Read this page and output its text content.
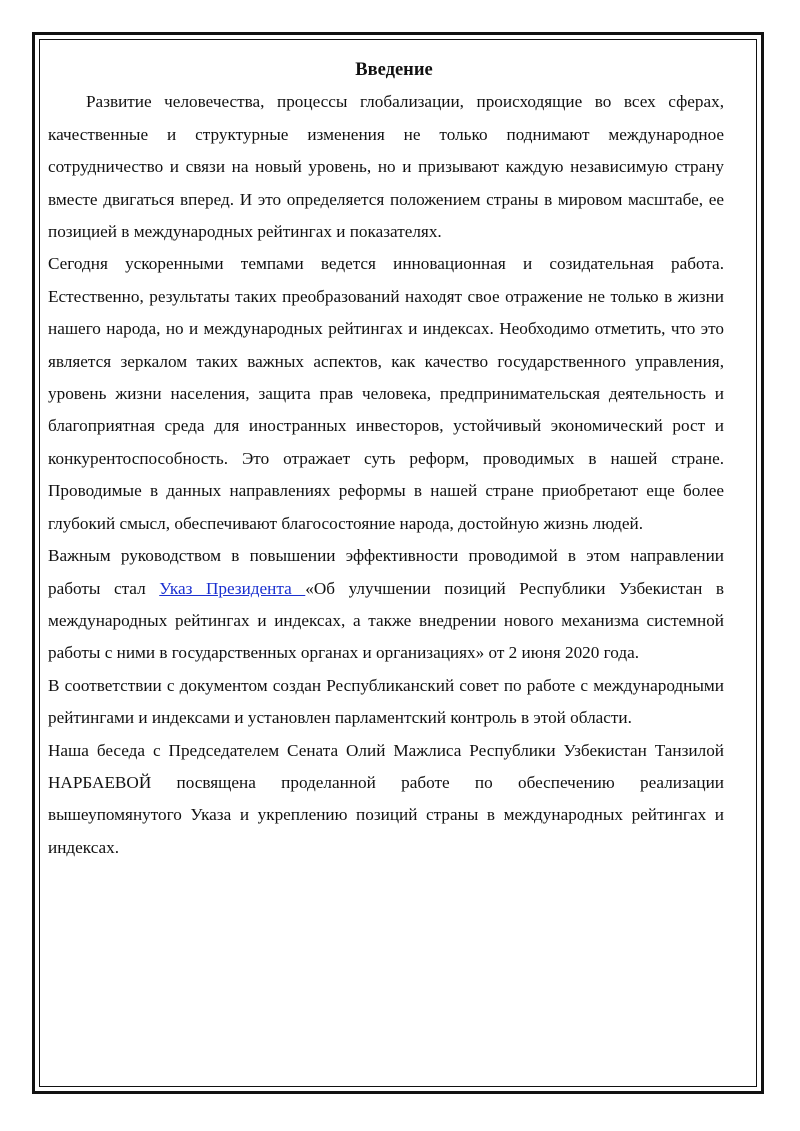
Введение

Развитие человечества, процессы глобализации, происходящие во всех сферах, качественные и структурные изменения не только поднимают международное сотрудничество и связи на новый уровень, но и призывают каждую независимую страну вместе двигаться вперед. И это определяется положением страны в мировом масштабе, ее позицией в международных рейтингах и показателях.

Сегодня ускоренными темпами ведется инновационная и созидательная работа. Естественно, результаты таких преобразований находят свое отражение не только в жизни нашего народа, но и международных рейтингах и индексах. Необходимо отметить, что это является зеркалом таких важных аспектов, как качество государственного управления, уровень жизни населения, защита прав человека, предпринимательская деятельность и благоприятная среда для иностранных инвесторов, устойчивый экономический рост и конкурентоспособность. Это отражает суть реформ, проводимых в нашей стране. Проводимые в данных направлениях реформы в нашей стране приобретают еще более глубокий смысл, обеспечивают благосостояние народа, достойную жизнь людей.

Важным руководством в повышении эффективности проводимой в этом направлении работы стал Указ Президента «Об улучшении позиций Республики Узбекистан в международных рейтингах и индексах, а также внедрении нового механизма системной работы с ними в государственных органах и организациях» от 2 июня 2020 года.

В соответствии с документом создан Республиканский совет по работе с международными рейтингами и индексами и установлен парламентский контроль в этой области.

Наша беседа с Председателем Сената Олий Мажлиса Республики Узбекистан Танзилой НАРБАЕВОЙ посвящена проделанной работе по обеспечению реализации вышеупомянутого Указа и укреплению позиций страны в международных рейтингах и индексах.
